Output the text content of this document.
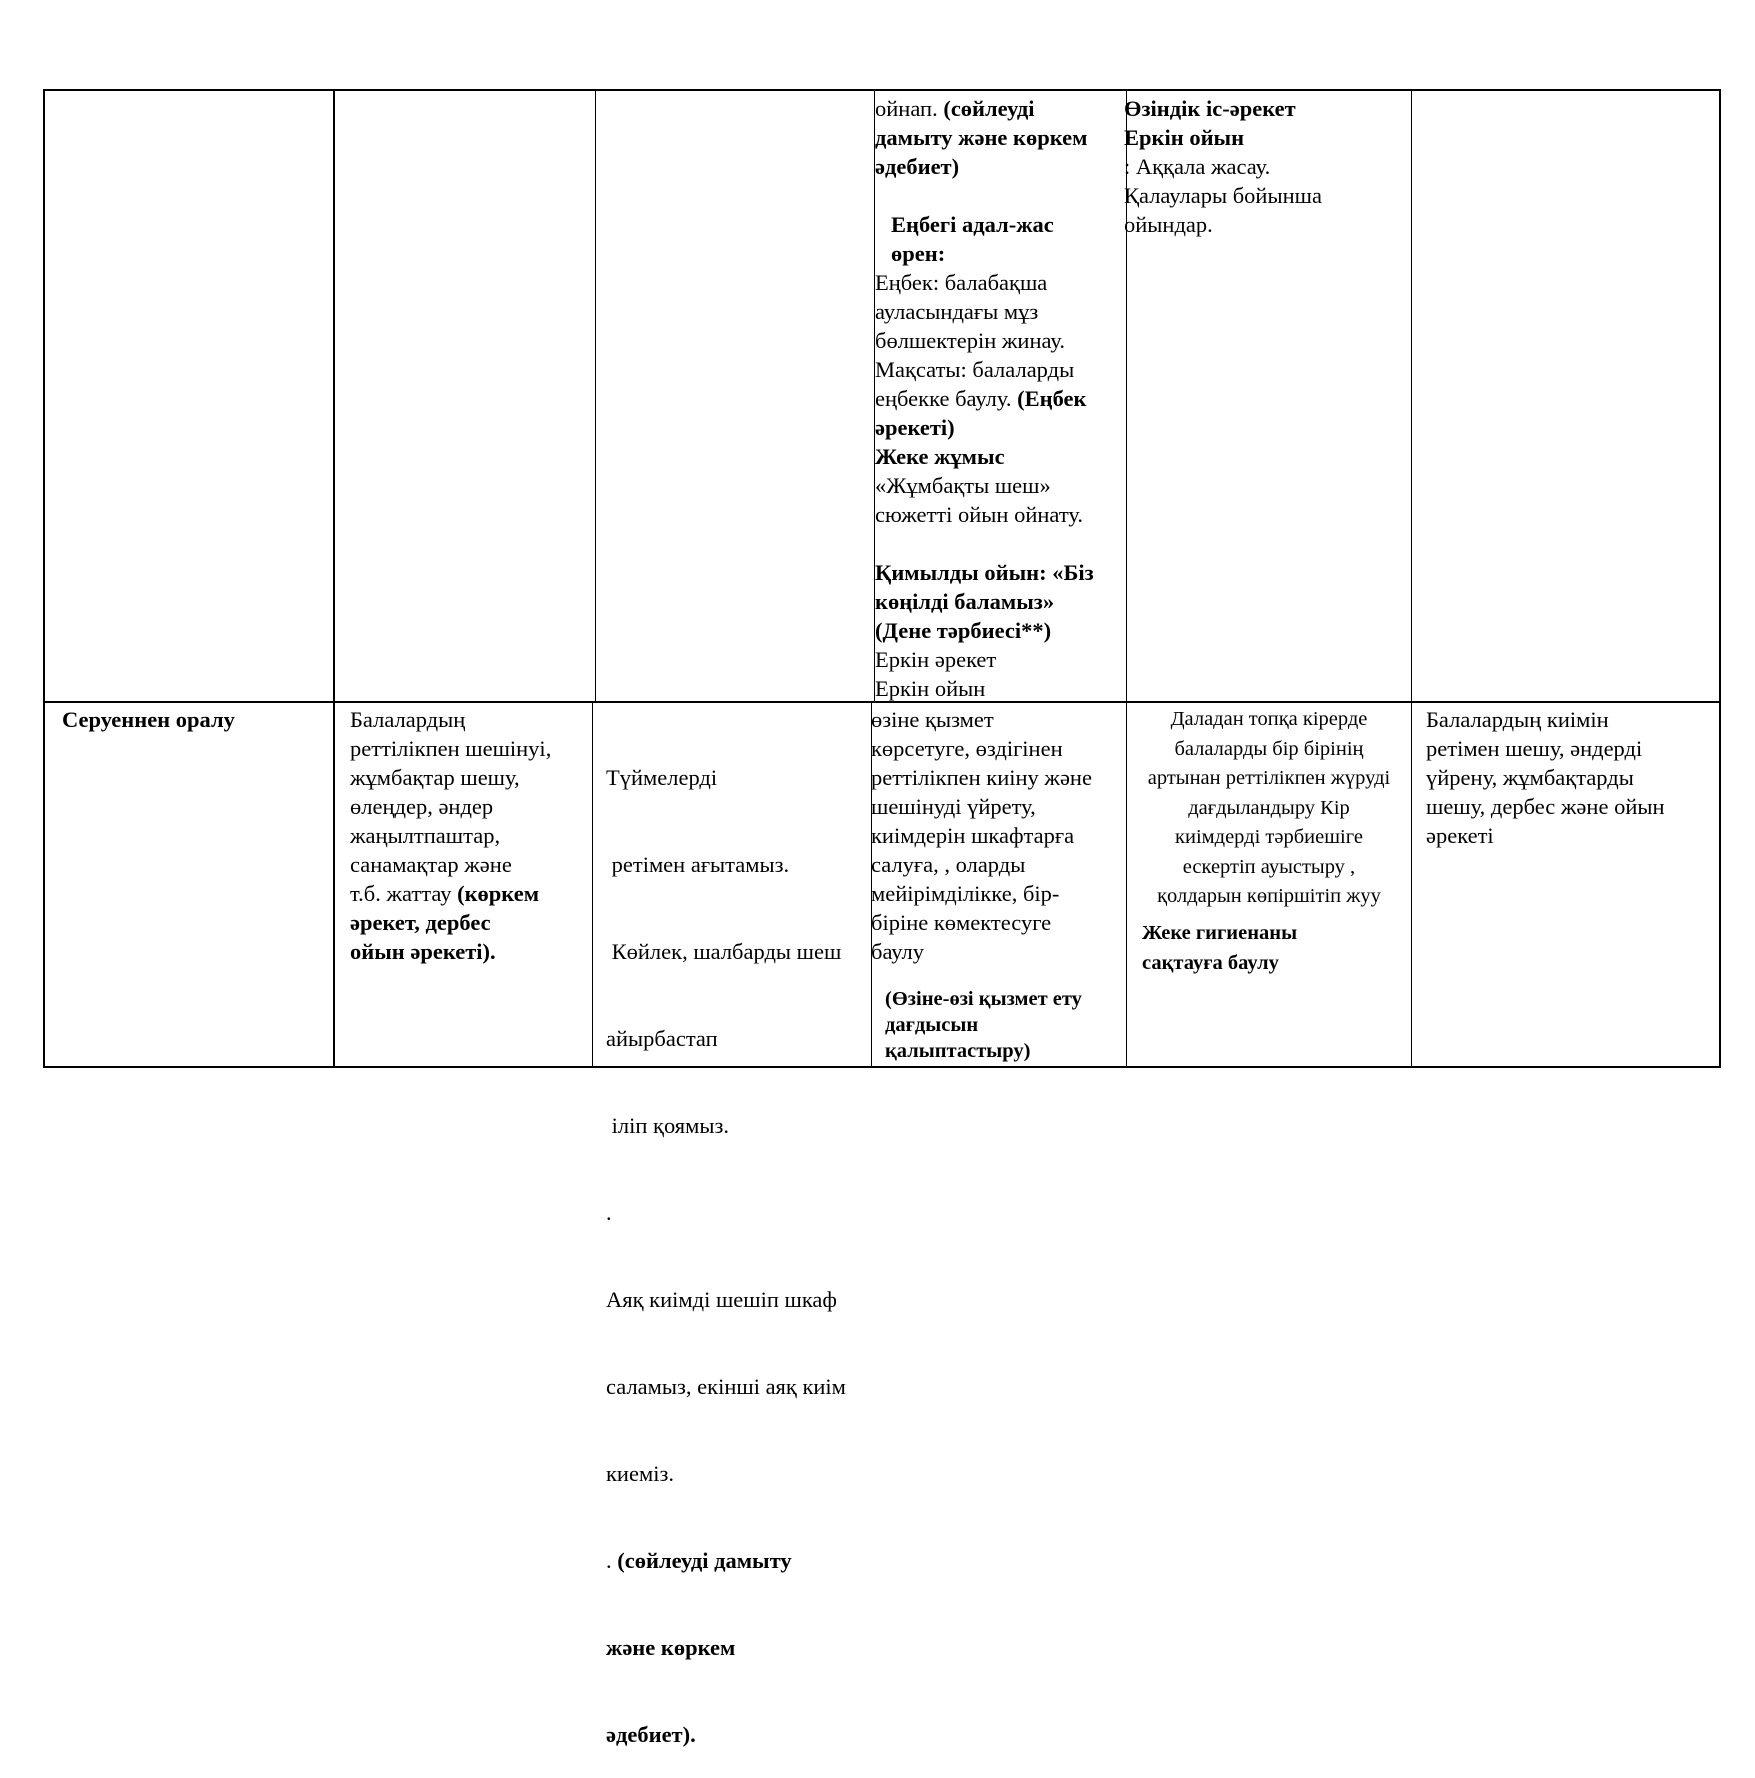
ойнап. (сөйлеуді
дамыту және көркем
әдебиет)
Еңбегі адал-жас
өрен:
Еңбек: балабақша
ауласындағы мұз
бөлшектерін жинау.
Мақсаты: балаларды
еңбекке баулу. (Еңбек
әрекеті)
Жеке жұмыс
«Жұмбақты шеш»
сюжетті ойын ойнату.
Қимылды ойын: «Біз
көңілді баламыз»
(Дене тәрбиесі**)
Еркін әрекет
Еркін ойын
Өзіндік іс-әрекет
Еркін ойын
: Аққала жасау.
Қалаулары бойынша
ойындар.
Серуеннен оралу	Балалардың
реттілікпен шешінуі,
жұмбақтар шешу,
өлеңдер, әндер
жаңылтпаштар,
санамақтар және
т.б. жаттау (көркем
әрекет, дербес
ойын әрекеті).

Түймелерді

ретімен ағытамыз.

Көйлек, шалбарды шеш

айырбастап

іліп қоямыз.

.

Аяқ киімді шешіп шкаф

саламыз, екінші аяқ киім

киеміз.

. (сөйлеуді дамыту

және көркем

әдебиет).

өзіне қызмет
көрсетуге, өздігінен
реттілікпен киіну және
шешінуді үйрету,
киімдерін шкафтарға
салуға, , оларды
мейірімділікке, бір-
біріне көмектесуге
баулу
(Өзіне-өзі қызмет ету
дағдысын
қалыптастыру)
Даладан топқа кірерде
балаларды бір бірінің
артынан реттілікпен жүруді
дағдыландыру Кір
киімдерді тәрбиешіге
ескертіп ауыстыру ,
қолдарын көпіршітіп жуу
Жеке гигиенаны
сақтауға баулу
Балалардың киімін
ретімен шешу, әндерді
үйрену, жұмбақтарды
шешу, дербес және ойын
әрекеті
